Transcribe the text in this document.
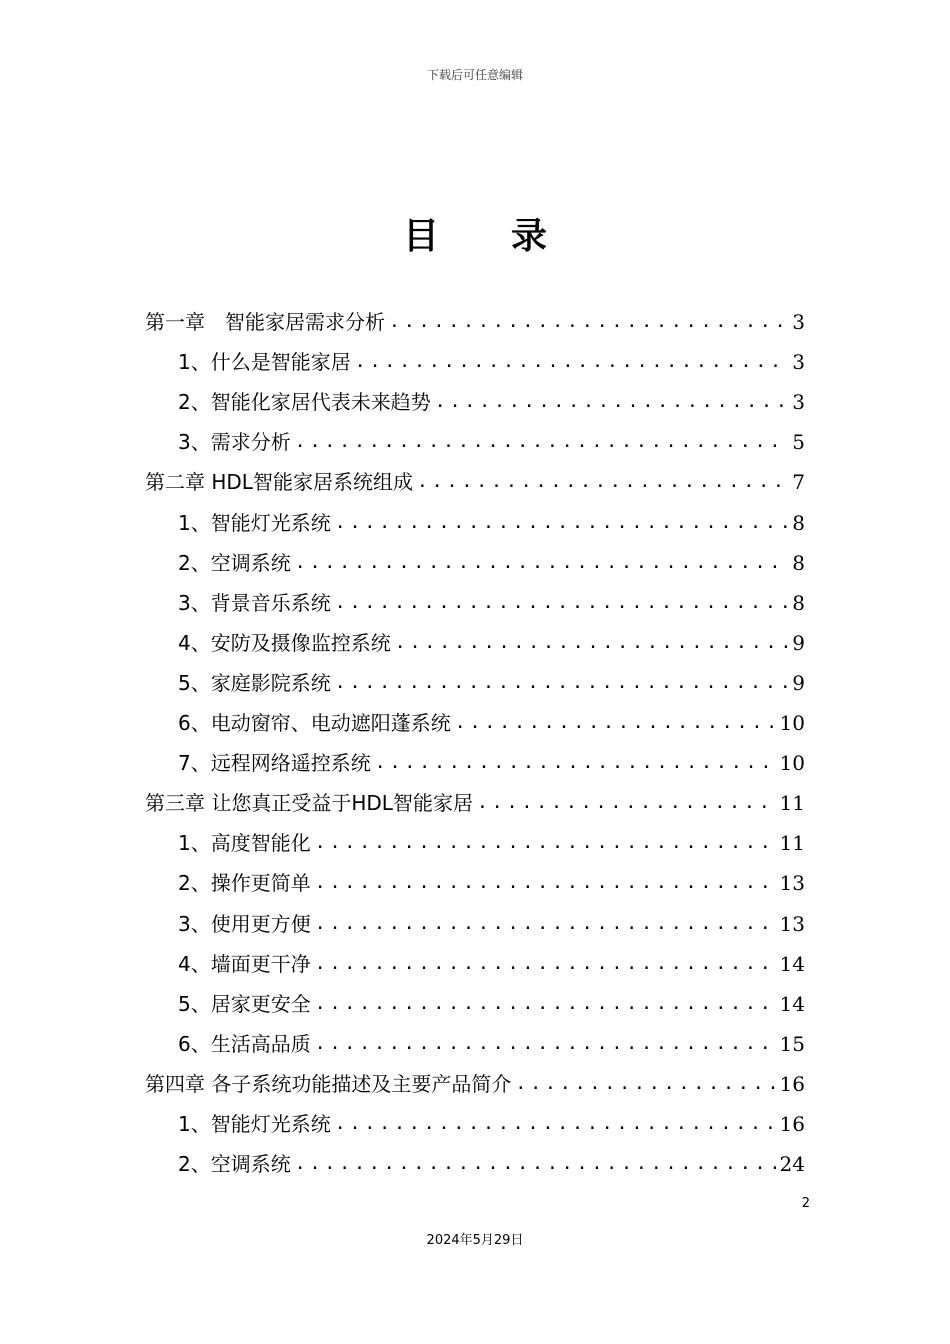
下载后可任意编辑
目录
第一章　智能家居需求分析 .....	3
1、什么是智能家居 .....	3
2、智能化家居代表未来趋势 .....	3
3、需求分析 .....	5
第二章 HDL智能家居系统组成 .....	7
1、智能灯光系统 .....	8
2、空调系统 .....	8
3、背景音乐系统 .....	8
4、安防及摄像监控系统 .....	9
5、家庭影院系统 .....	9
6、电动窗帘、电动遮阳蓬系统 .....	10
7、远程网络遥控系统 .....	10
第三章 让您真正受益于HDL智能家居 .....	11
1、高度智能化 .....	11
2、操作更简单 .....	13
3、使用更方便 .....	13
4、墙面更干净 .....	14
5、居家更安全 .....	14
6、生活高品质 .....	15
第四章 各子系统功能描述及主要产品简介 .....	16
1、智能灯光系统 .....	16
2、空调系统 .....	24
2
2024年5月29日
